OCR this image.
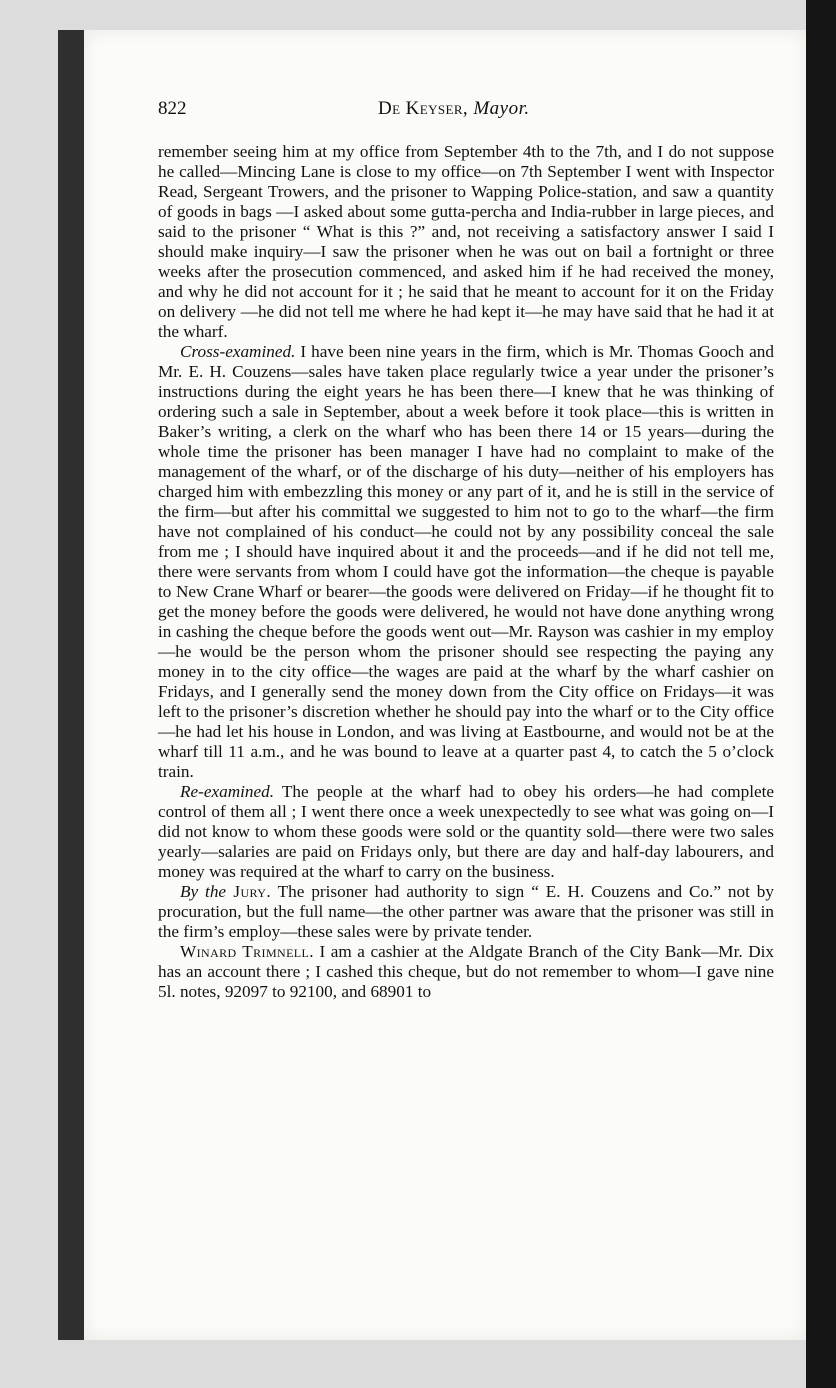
822	De Keyser, Mayor.

remember seeing him at my office from September 4th to the 7th, and I do not suppose he called—Mincing Lane is close to my office—on 7th September I went with Inspector Read, Sergeant Trowers, and the prisoner to Wapping Police-station, and saw a quantity of goods in bags —I asked about some gutta-percha and India-rubber in large pieces, and said to the prisoner “ What is this ?” and, not receiving a satisfactory answer I said I should make inquiry—I saw the prisoner when he was out on bail a fortnight or three weeks after the prosecution commenced, and asked him if he had received the money, and why he did not account for it ; he said that he meant to account for it on the Friday on delivery —he did not tell me where he had kept it—he may have said that he had it at the wharf.

Cross-examined. I have been nine years in the firm, which is Mr. Thomas Gooch and Mr. E. H. Couzens—sales have taken place regularly twice a year under the prisoner’s instructions during the eight years he has been there—I knew that he was thinking of ordering such a sale in September, about a week before it took place—this is written in Baker’s writing, a clerk on the wharf who has been there 14 or 15 years—during the whole time the prisoner has been manager I have had no complaint to make of the management of the wharf, or of the discharge of his duty—neither of his employers has charged him with embezzling this money or any part of it, and he is still in the service of the firm—but after his committal we suggested to him not to go to the wharf—the firm have not complained of his conduct—he could not by any possibility conceal the sale from me ; I should have inquired about it and the proceeds—and if he did not tell me, there were servants from whom I could have got the information—the cheque is payable to New Crane Wharf or bearer—the goods were delivered on Friday—if he thought fit to get the money before the goods were delivered, he would not have done anything wrong in cashing the cheque before the goods went out—Mr. Rayson was cashier in my employ—he would be the person whom the prisoner should see respecting the paying any money in to the city office—the wages are paid at the wharf by the wharf cashier on Fridays, and I generally send the money down from the City office on Fridays—it was left to the prisoner’s discretion whether he should pay into the wharf or to the City office—he had let his house in London, and was living at Eastbourne, and would not be at the wharf till 11 a.m., and he was bound to leave at a quarter past 4, to catch the 5 o’clock train.

Re-examined. The people at the wharf had to obey his orders—he had complete control of them all ; I went there once a week unexpectedly to see what was going on—I did not know to whom these goods were sold or the quantity sold—there were two sales yearly—salaries are paid on Fridays only, but there are day and half-day labourers, and money was required at the wharf to carry on the business.

By the Jury. The prisoner had authority to sign “ E. H. Couzens and Co.” not by procuration, but the full name—the other partner was aware that the prisoner was still in the firm’s employ—these sales were by private tender.

Winard Trimnell. I am a cashier at the Aldgate Branch of the City Bank—Mr. Dix has an account there ; I cashed this cheque, but do not remember to whom—I gave nine 5l. notes, 92097 to 92100, and 68901 to
